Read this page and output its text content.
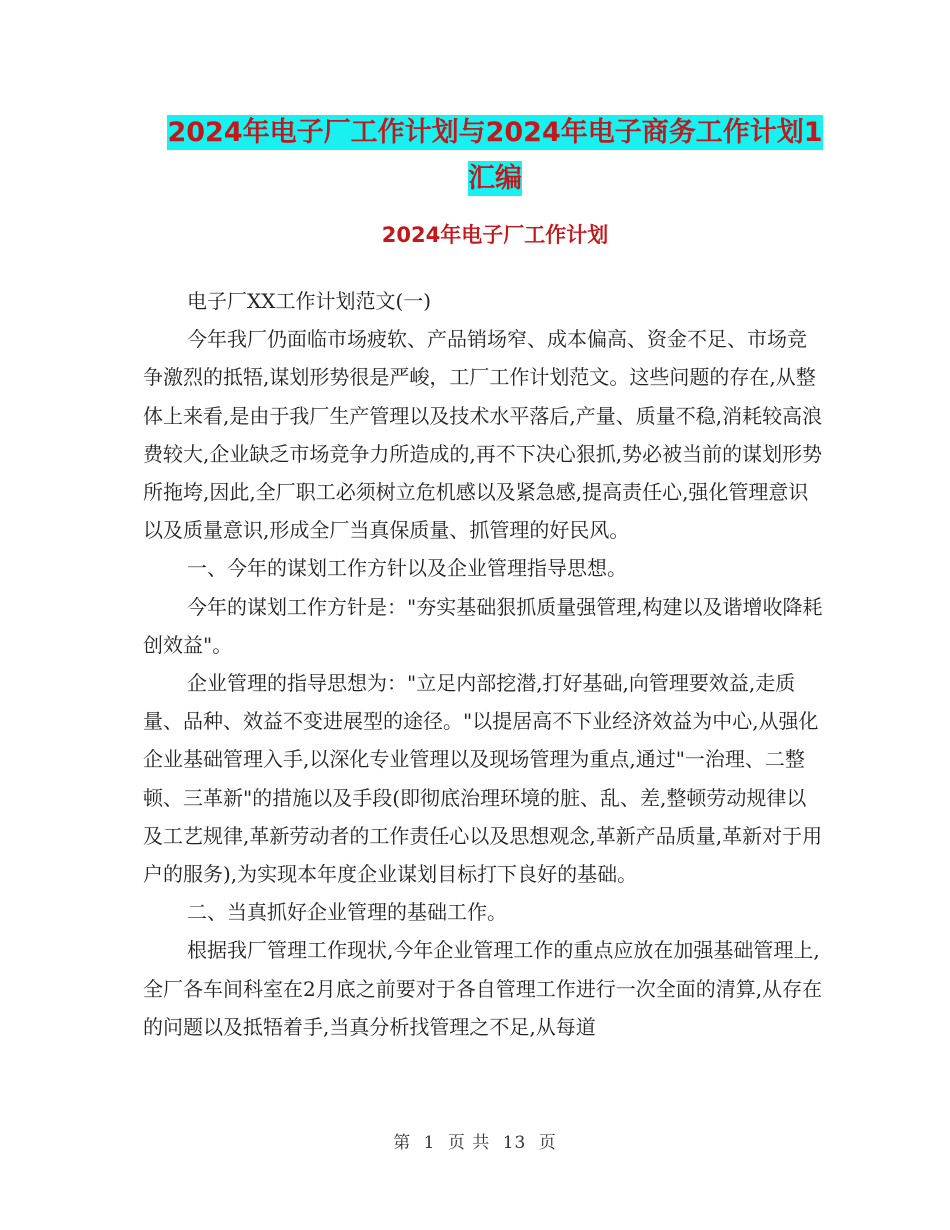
2024年电子厂工作计划与2024年电子商务工作计划1
汇编
2024年电子厂工作计划

电子厂XX工作计划范文(一)

今年我厂仍面临市场疲软、产品销场窄、成本偏高、资金不足、市场竞争激烈的抵牾,谋划形势很是严峻，工厂工作计划范文。这些问题的存在,从整体上来看,是由于我厂生产管理以及技术水平落后,产量、质量不稳,消耗较高浪费较大,企业缺乏市场竞争力所造成的,再不下决心狠抓,势必被当前的谋划形势所拖垮,因此,全厂职工必须树立危机感以及紧急感,提高责任心,强化管理意识以及质量意识,形成全厂当真保质量、抓管理的好民风。

一、今年的谋划工作方针以及企业管理指导思想。

今年的谋划工作方针是："夯实基础狠抓质量强管理,构建以及谐增收降耗创效益"。

企业管理的指导思想为："立足内部挖潜,打好基础,向管理要效益,走质量、品种、效益不变进展型的途径。"以提居高不下业经济效益为中心,从强化企业基础管理入手,以深化专业管理以及现场管理为重点,通过"一治理、二整顿、三革新"的措施以及手段(即彻底治理环境的脏、乱、差,整顿劳动规律以及工艺规律,革新劳动者的工作责任心以及思想观念,革新产品质量,革新对于用户的服务),为实现本年度企业谋划目标打下良好的基础。

二、当真抓好企业管理的基础工作。

根据我厂管理工作现状,今年企业管理工作的重点应放在加强基础管理上,全厂各车间科室在2月底之前要对于各自管理工作进行一次全面的清算,从存在的问题以及抵牾着手,当真分析找管理之不足,从每道

第 1 页 共 13 页
